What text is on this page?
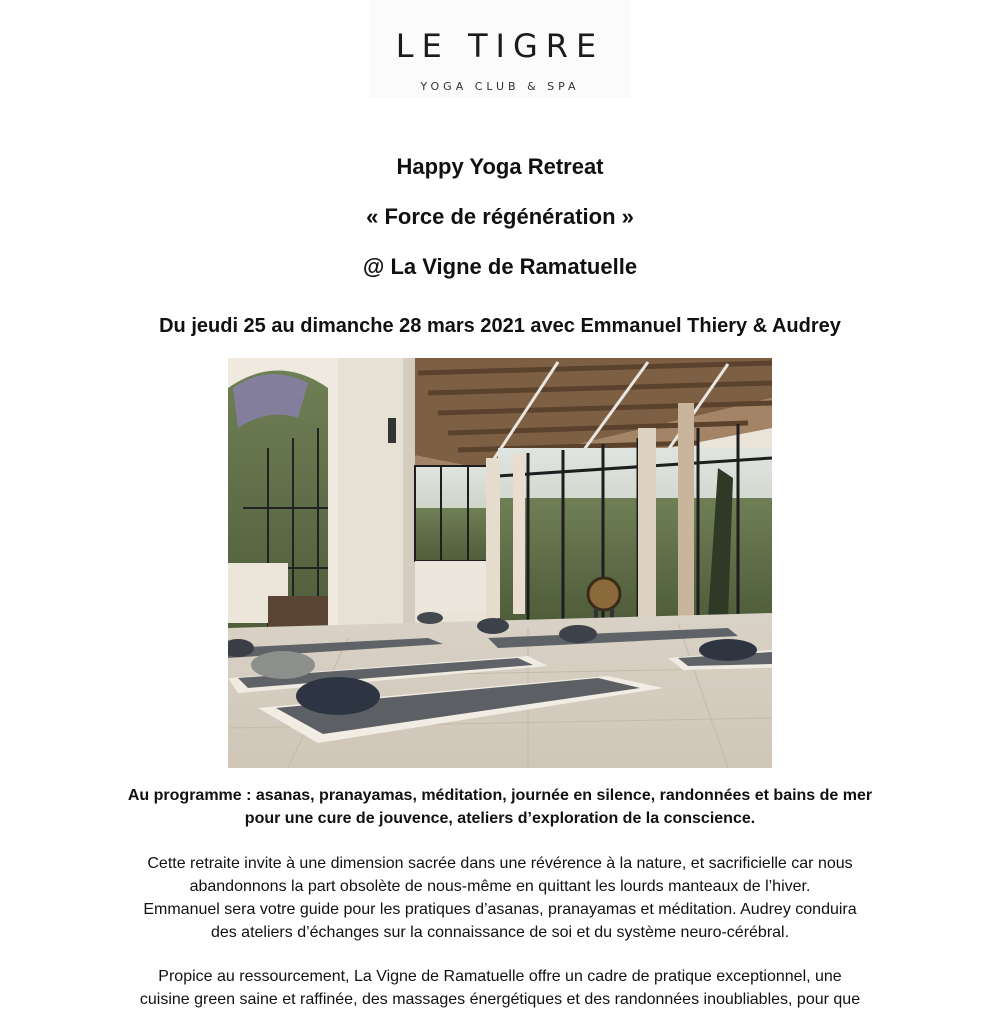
LE TIGRE
YOGA CLUB & SPA
Happy Yoga Retreat
« Force de régénération »
@ La Vigne de Ramatuelle
Du jeudi 25 au dimanche 28 mars 2021 avec Emmanuel Thiery & Audrey
Au programme : asanas, pranayamas, méditation, journée en silence, randonnées et bains de mer
pour une cure de jouvence, ateliers d’exploration de la conscience.
Cette retraite invite à une dimension sacrée dans une révérence à la nature, et sacrificielle car nous
abandonnons la part obsolète de nous-même en quittant les lourds manteaux de l’hiver.
Emmanuel sera votre guide pour les pratiques d’asanas, pranayamas et méditation. Audrey conduira
des ateliers d’échanges sur la connaissance de soi et du système neuro-cérébral.
Propice au ressourcement, La Vigne de Ramatuelle offre un cadre de pratique exceptionnel, une
cuisine green saine et raffinée, des massages énergétiques et des randonnées inoubliables, pour que
